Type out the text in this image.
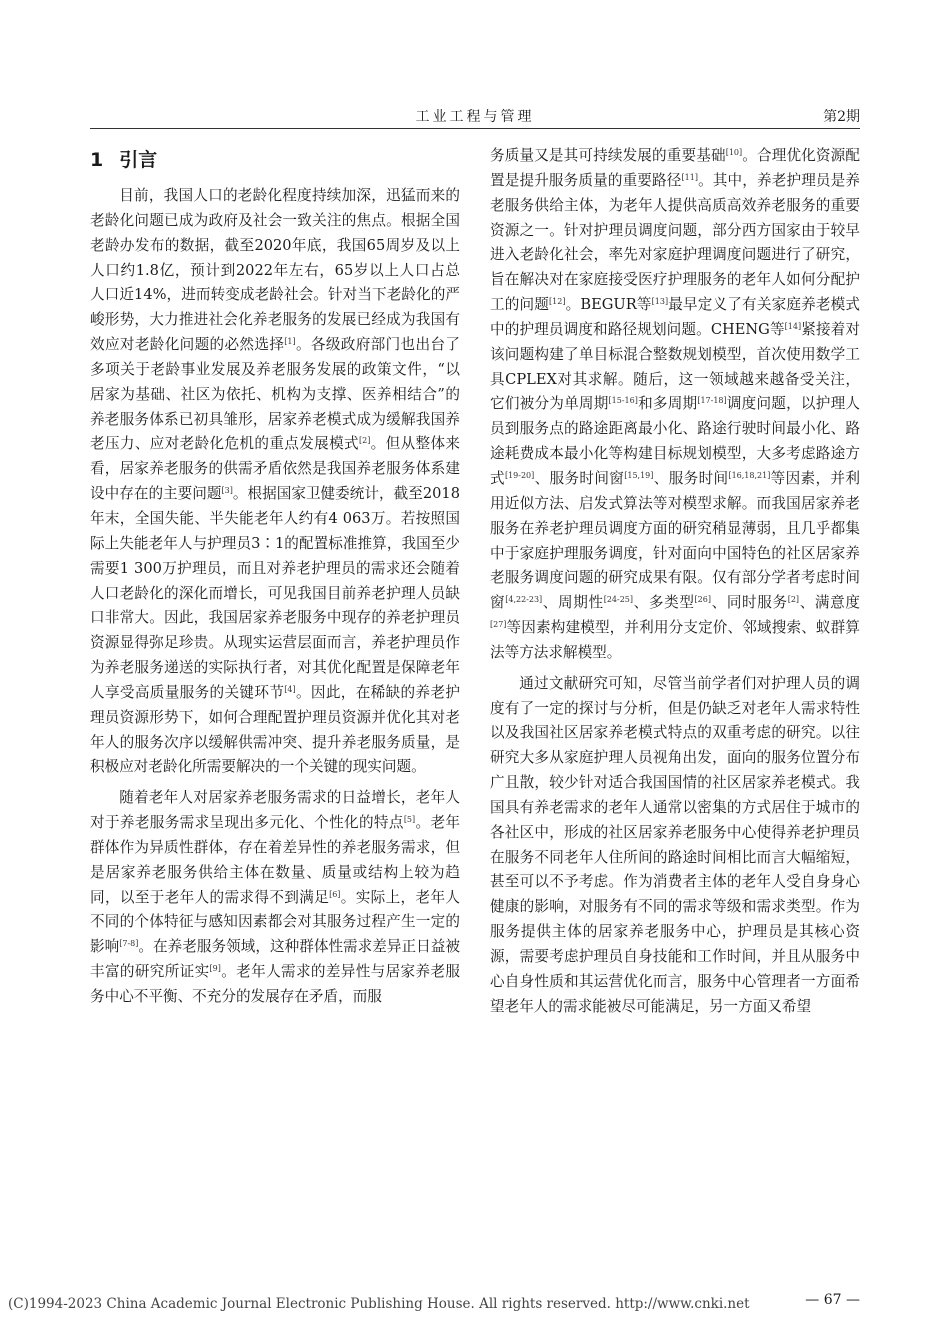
工业工程与管理	第2期
1 引言

目前，我国人口的老龄化程度持续加深，迅猛而来的老龄化问题已成为政府及社会一致关注的焦点。根据全国老龄办发布的数据，截至2020年底，我国65周岁及以上人口约1.8亿，预计到2022年左右，65岁以上人口占总人口近14%，进而转变成老龄社会。针对当下老龄化的严峻形势，大力推进社会化养老服务的发展已经成为我国有效应对老龄化问题的必然选择[1]。各级政府部门也出台了多项关于老龄事业发展及养老服务发展的政策文件，“以居家为基础、社区为依托、机构为支撑、医养相结合”的养老服务体系已初具雏形，居家养老模式成为缓解我国养老压力、应对老龄化危机的重点发展模式[2]。但从整体来看，居家养老服务的供需矛盾依然是我国养老服务体系建设中存在的主要问题[3]。根据国家卫健委统计，截至2018年末，全国失能、半失能老年人约有4 063万。若按照国际上失能老年人与护理员3∶1的配置标准推算，我国至少需要1 300万护理员，而且对养老护理员的需求还会随着人口老龄化的深化而增长，可见我国目前养老护理人员缺口非常大。因此，我国居家养老服务中现存的养老护理员资源显得弥足珍贵。从现实运营层面而言，养老护理员作为养老服务递送的实际执行者，对其优化配置是保障老年人享受高质量服务的关键环节[4]。因此，在稀缺的养老护理员资源形势下，如何合理配置护理员资源并优化其对老年人的服务次序以缓解供需冲突、提升养老服务质量，是积极应对老龄化所需要解决的一个关键的现实问题。

随着老年人对居家养老服务需求的日益增长，老年人对于养老服务需求呈现出多元化、个性化的特点[5]。老年群体作为异质性群体，存在着差异性的养老服务需求，但是居家养老服务供给主体在数量、质量或结构上较为趋同，以至于老年人的需求得不到满足[6]。实际上，老年人不同的个体特征与感知因素都会对其服务过程产生一定的影响[7-8]。在养老服务领域，这种群体性需求差异正日益被丰富的研究所证实[9]。老年人需求的差异性与居家养老服务中心不平衡、不充分的发展存在矛盾，而服

务质量又是其可持续发展的重要基础[10]。合理优化资源配置是提升服务质量的重要路径[11]。其中，养老护理员是养老服务供给主体，为老年人提供高质高效养老服务的重要资源之一。针对护理员调度问题，部分西方国家由于较早进入老龄化社会，率先对家庭护理调度问题进行了研究，旨在解决对在家庭接受医疗护理服务的老年人如何分配护工的问题[12]。BEGUR等[13]最早定义了有关家庭养老模式中的护理员调度和路径规划问题。CHENG等[14]紧接着对该问题构建了单目标混合整数规划模型，首次使用数学工具CPLEX对其求解。随后，这一领域越来越备受关注，它们被分为单周期[15-16]和多周期[17-18]调度问题，以护理人员到服务点的路途距离最小化、路途行驶时间最小化、路途耗费成本最小化等构建目标规划模型，大多考虑路途方式[19-20]、服务时间窗[15,19]、服务时间[16,18,21]等因素，并利用近似方法、启发式算法等对模型求解。而我国居家养老服务在养老护理员调度方面的研究稍显薄弱，且几乎都集中于家庭护理服务调度，针对面向中国特色的社区居家养老服务调度问题的研究成果有限。仅有部分学者考虑时间窗[4,22-23]、周期性[24-25]、多类型[26]、同时服务[2]、满意度[27]等因素构建模型，并利用分支定价、邻域搜索、蚁群算法等方法求解模型。

通过文献研究可知，尽管当前学者们对护理人员的调度有了一定的探讨与分析，但是仍缺乏对老年人需求特性以及我国社区居家养老模式特点的双重考虑的研究。以往研究大多从家庭护理人员视角出发，面向的服务位置分布广且散，较少针对适合我国国情的社区居家养老模式。我国具有养老需求的老年人通常以密集的方式居住于城市的各社区中，形成的社区居家养老服务中心使得养老护理员在服务不同老年人住所间的路途时间相比而言大幅缩短，甚至可以不予考虑。作为消费者主体的老年人受自身身心健康的影响，对服务有不同的需求等级和需求类型。作为服务提供主体的居家养老服务中心，护理员是其核心资源，需要考虑护理员自身技能和工作时间，并且从服务中心自身性质和其运营优化而言，服务中心管理者一方面希望老年人的需求能被尽可能满足，另一方面又希望

— 67 —
(C)1994-2023 China Academic Journal Electronic Publishing House. All rights reserved. http://www.cnki.net
